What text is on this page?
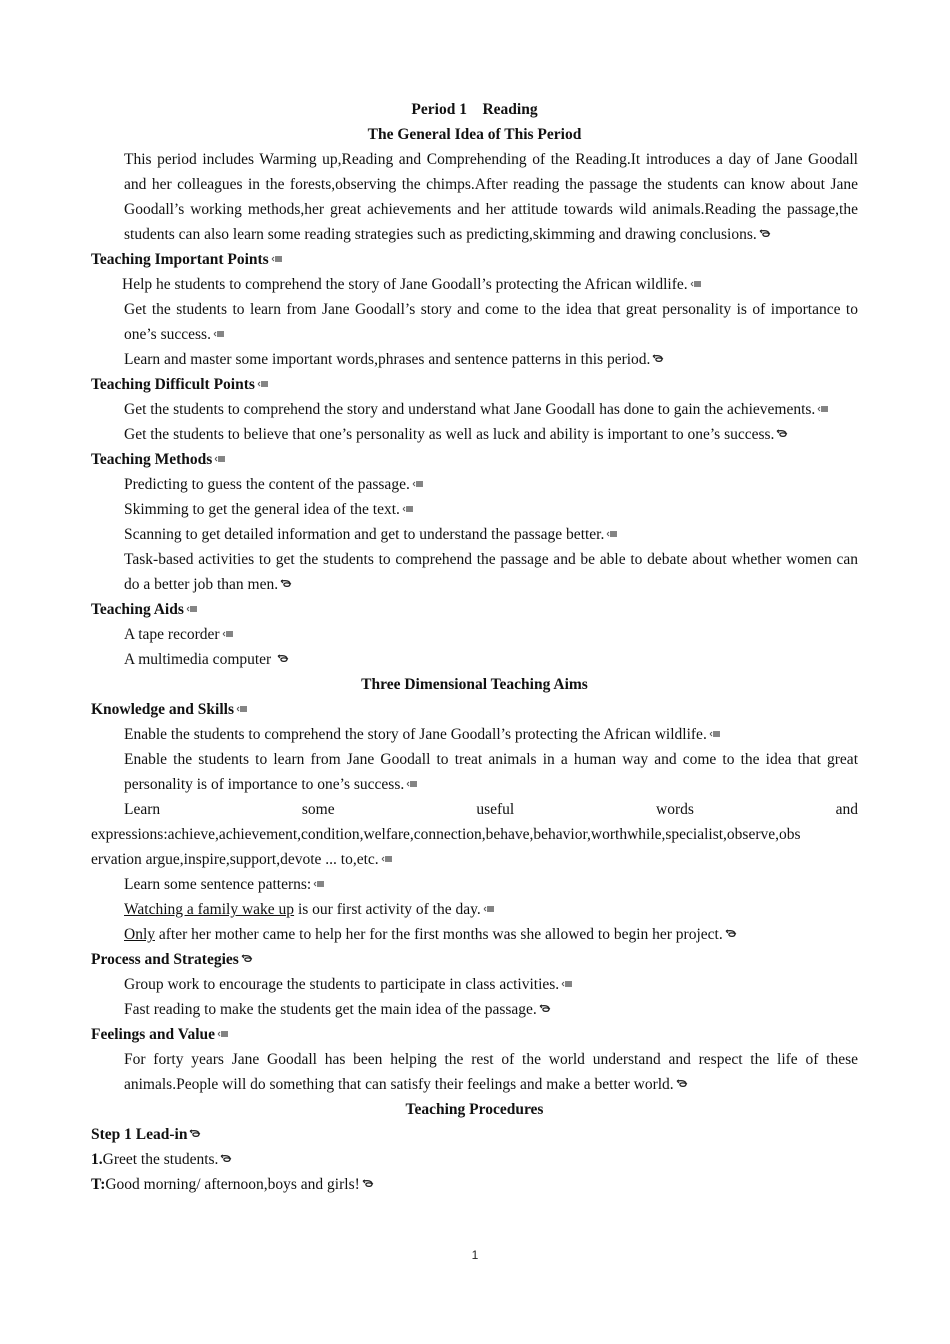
Period 1    Reading

The General Idea of This Period

This period includes Warming up,Reading and Comprehending of the Reading.It introduces a day of Jane Goodall and her colleagues in the forests,observing the chimps.After reading the passage the students can know about Jane Goodall’s working methods,her great achievements and her attitude towards wild animals.Reading the passage,the students can also learn some reading strategies such as predicting,skimming and drawing conclusions.

Teaching Important Points

Help he students to comprehend the story of Jane Goodall’s protecting the African wildlife.

Get the students to learn from Jane Goodall’s story and come to the idea that great personality is of importance to one’s success.

Learn and master some important words,phrases and sentence patterns in this period.

Teaching Difficult Points

Get the students to comprehend the story and understand what Jane Goodall has done to gain the achievements.

Get the students to believe that one’s personality as well as luck and ability is important to one’s success.

Teaching Methods

Predicting to guess the content of the passage.

Skimming to get the general idea of the text.

Scanning to get detailed information and get to understand the passage better.

Task-based activities to get the students to comprehend the passage and be able to debate about whether women can do a better job than men.

Teaching Aids

A tape recorder

A multimedia computer

Three Dimensional Teaching Aims

Knowledge and Skills

Enable the students to comprehend the story of Jane Goodall’s protecting the African wildlife.

Enable the students to learn from Jane Goodall to treat animals in a human way and come to the idea that great personality is of importance to one’s success.

Learn	some	useful	words	and

expressions:achieve,achievement,condition,welfare,connection,behave,behavior,worthwhile,specialist,observe,obs

ervation argue,inspire,support,devote ... to,etc.

Learn some sentence patterns:

Watching a family wake up is our first activity of the day.

Only after her mother came to help her for the first months was she allowed to begin her project.

Process and Strategies

Group work to encourage the students to participate in class activities.

Fast reading to make the students get the main idea of the passage.

Feelings and Value

For forty years Jane Goodall has been helping the rest of the world understand and respect the life of these animals.People will do something that can satisfy their feelings and make a better world.

Teaching Procedures

Step 1 Lead-in

1.Greet the students.

T:Good morning/ afternoon,boys and girls!

1
